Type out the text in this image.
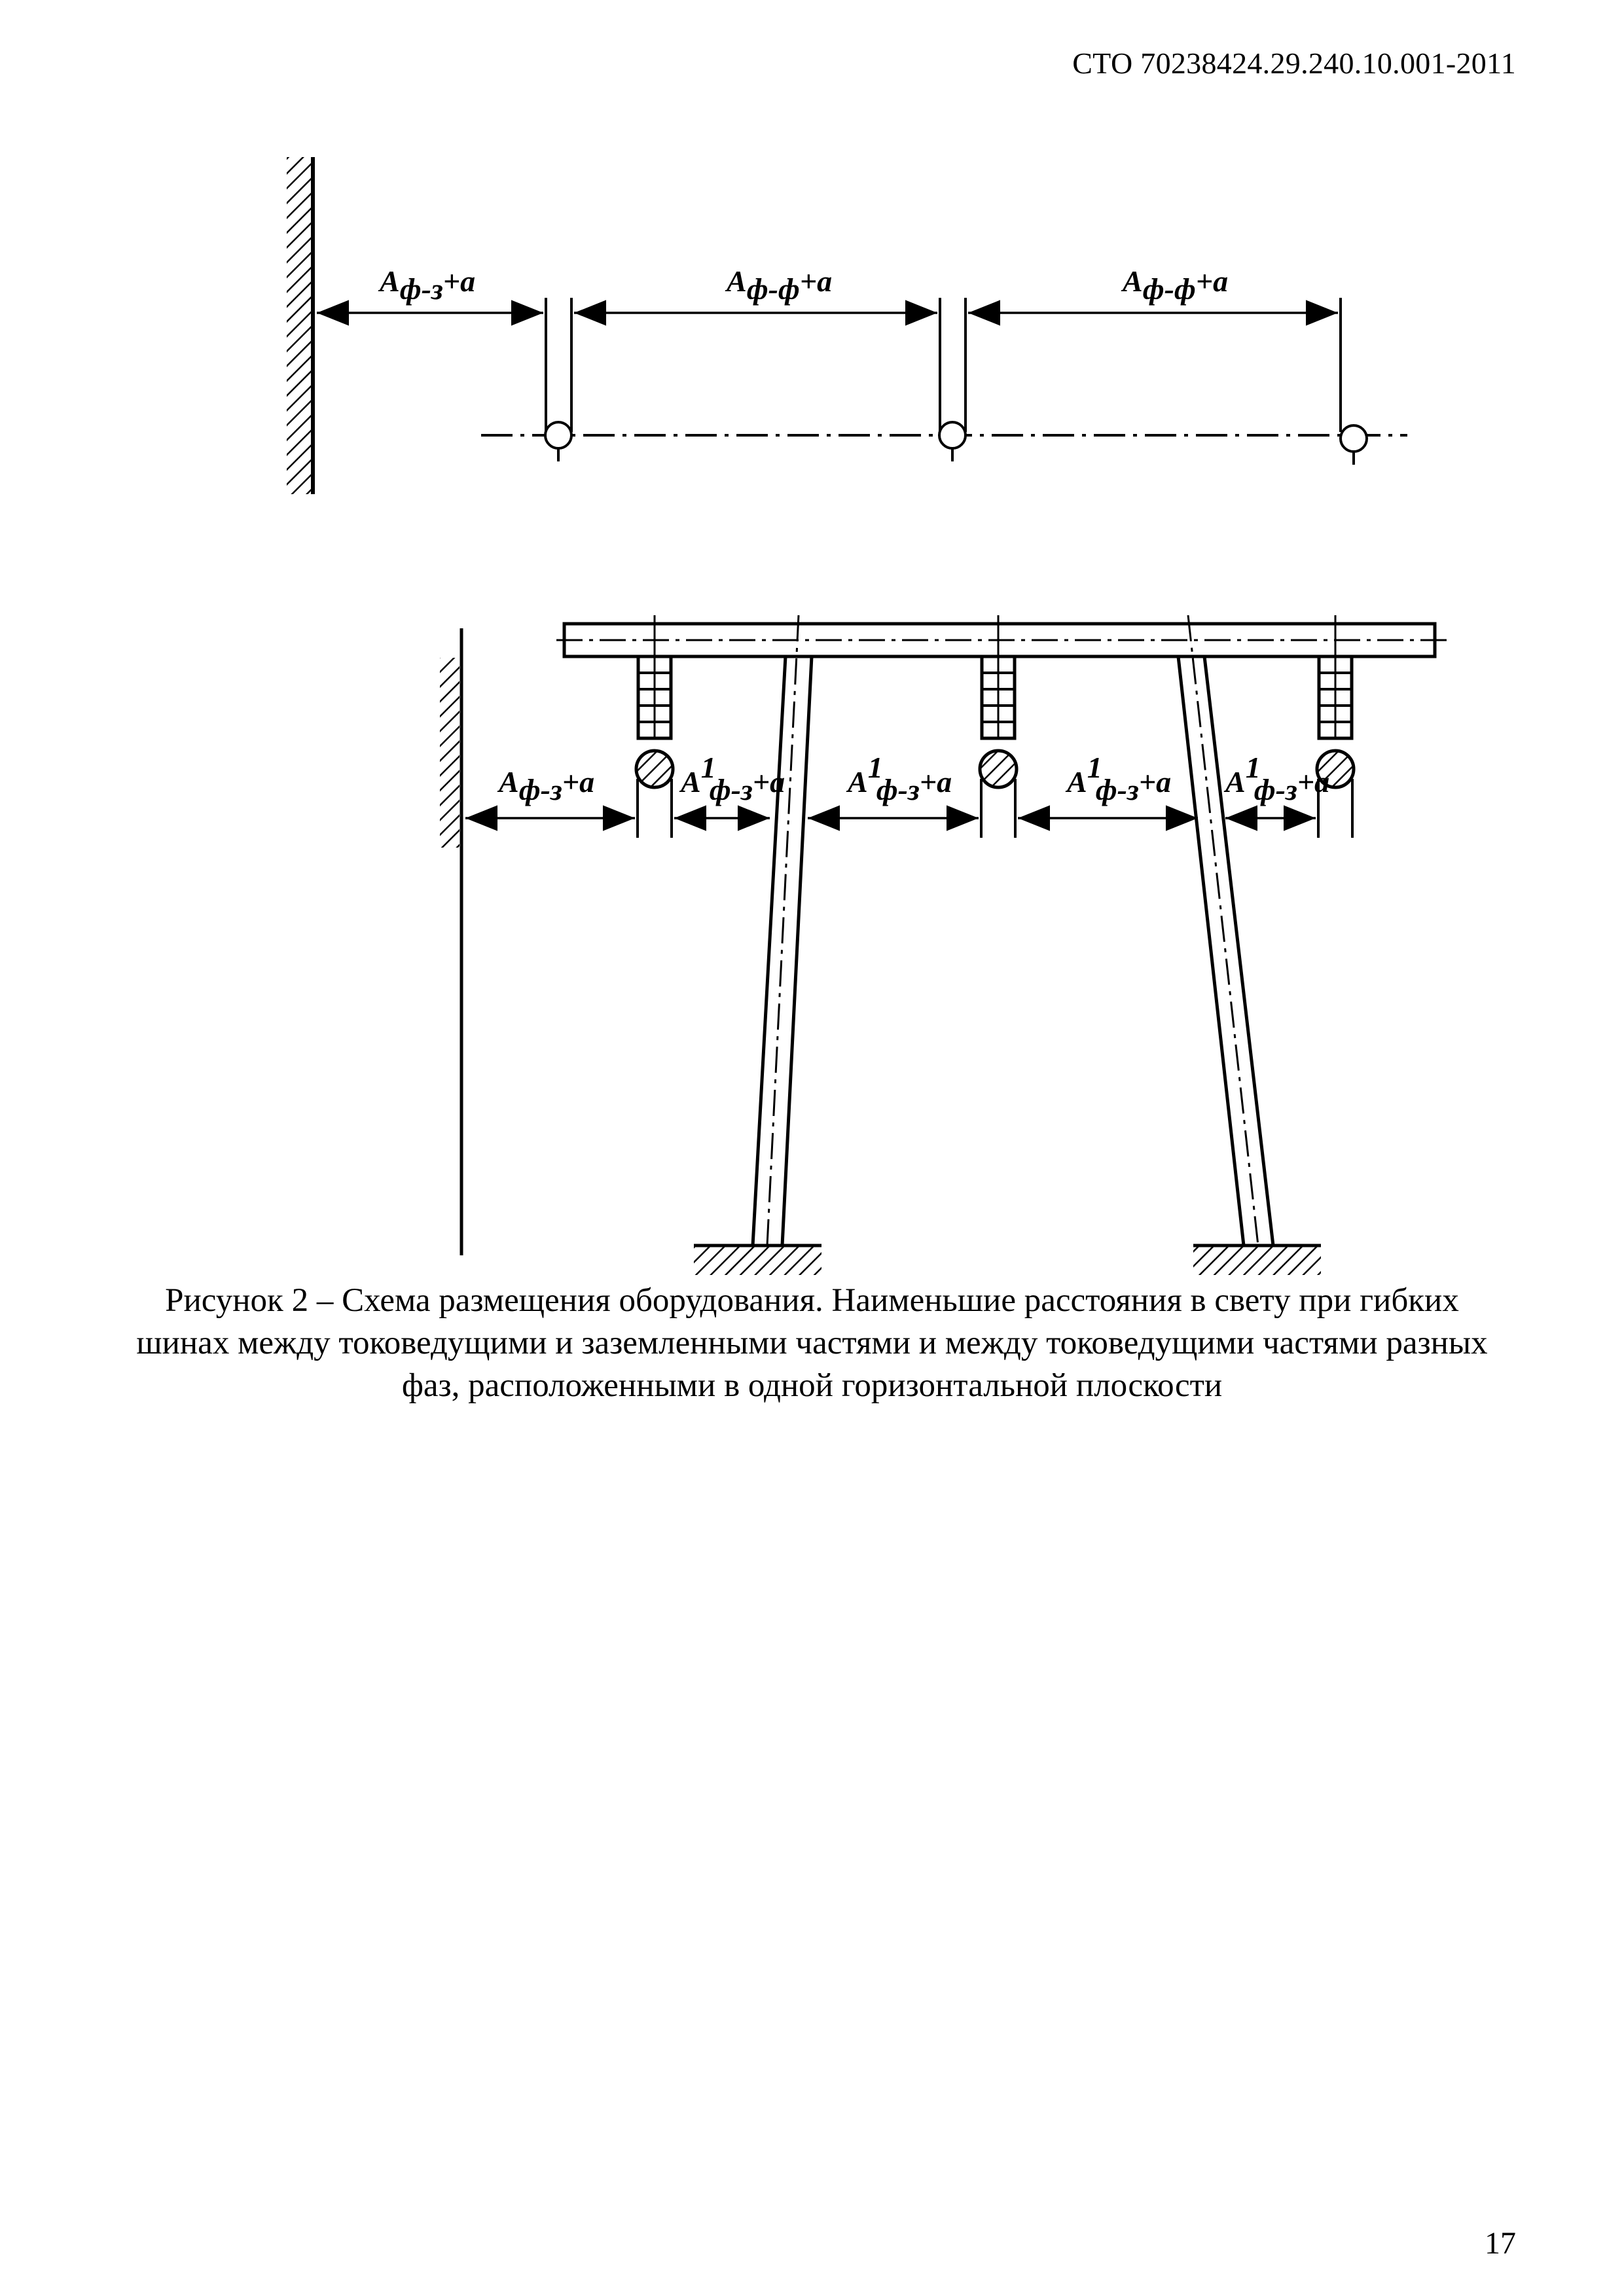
СТО 70238424.29.240.10.001-2011
Aф-з+a	Aф-ф+a	Aф-ф+a
Aф-з+a	A1 ф-з+a A1 ф-з+a	A1 ф-з+a A1 ф-з+a
Рисунок 2 – Схема размещения оборудования. Наименьшие расстояния в свету при гибких шинах между токоведущими и заземленными частями и между токоведущими частями разных фаз, расположенными в одной горизонтальной плоскости
17
